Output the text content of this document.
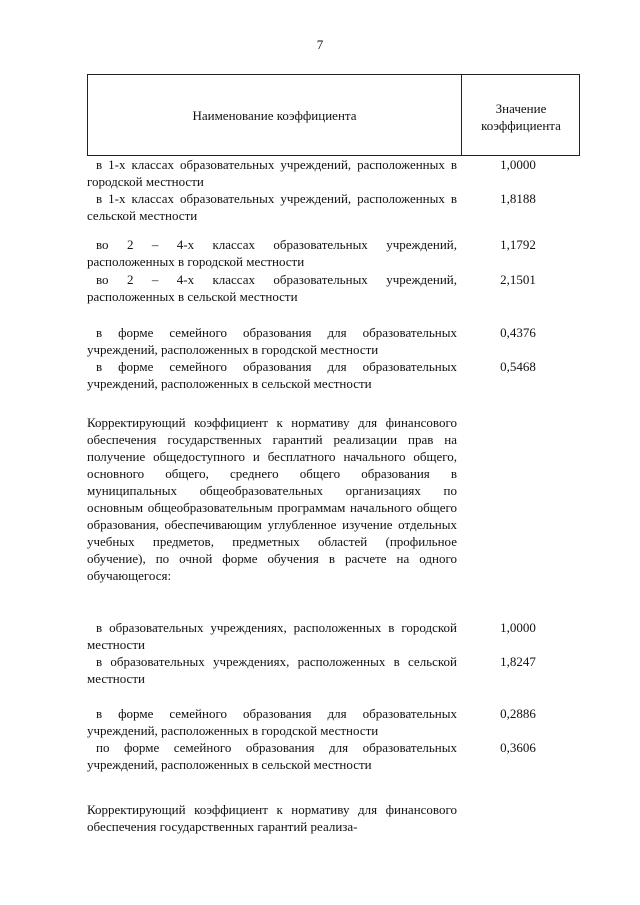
7
Наименование коэффициента	Значение
коэффициента
в 1-х классах образовательных учреждений, расположенных в городской местности
1,0000
в 1-х классах образовательных учреждений, расположенных в сельской местности
1,8188
во 2 – 4-х классах образовательных учреждений, расположенных в городской местности
1,1792
во 2 – 4-х классах образовательных учреждений, расположенных в сельской местности
2,1501
в форме семейного образования для образовательных учреждений, расположенных в городской местности
0,4376
в форме семейного образования для образовательных учреждений, расположенных в сельской местности
0,5468
Корректирующий коэффициент к нормативу для финансового обеспечения государственных гарантий реализации прав на получение общедоступного и бесплатного начального общего, основного общего, среднего общего образования в муниципальных общеобразовательных организациях по основным общеобразовательным программам начального общего образования, обеспечивающим углубленное изучение отдельных учебных предметов, предметных областей (профильное обучение), по очной форме обучения в расчете на одного обучающегося:
в образовательных учреждениях, расположенных в городской местности
1,0000
в образовательных учреждениях, расположенных в сельской местности
1,8247
в форме семейного образования для образовательных учреждений, расположенных в городской местности
0,2886
по форме семейного образования для образовательных учреждений, расположенных в сельской местности
0,3606
Корректирующий коэффициент к нормативу для финансового обеспечения государственных гарантий реализа-
